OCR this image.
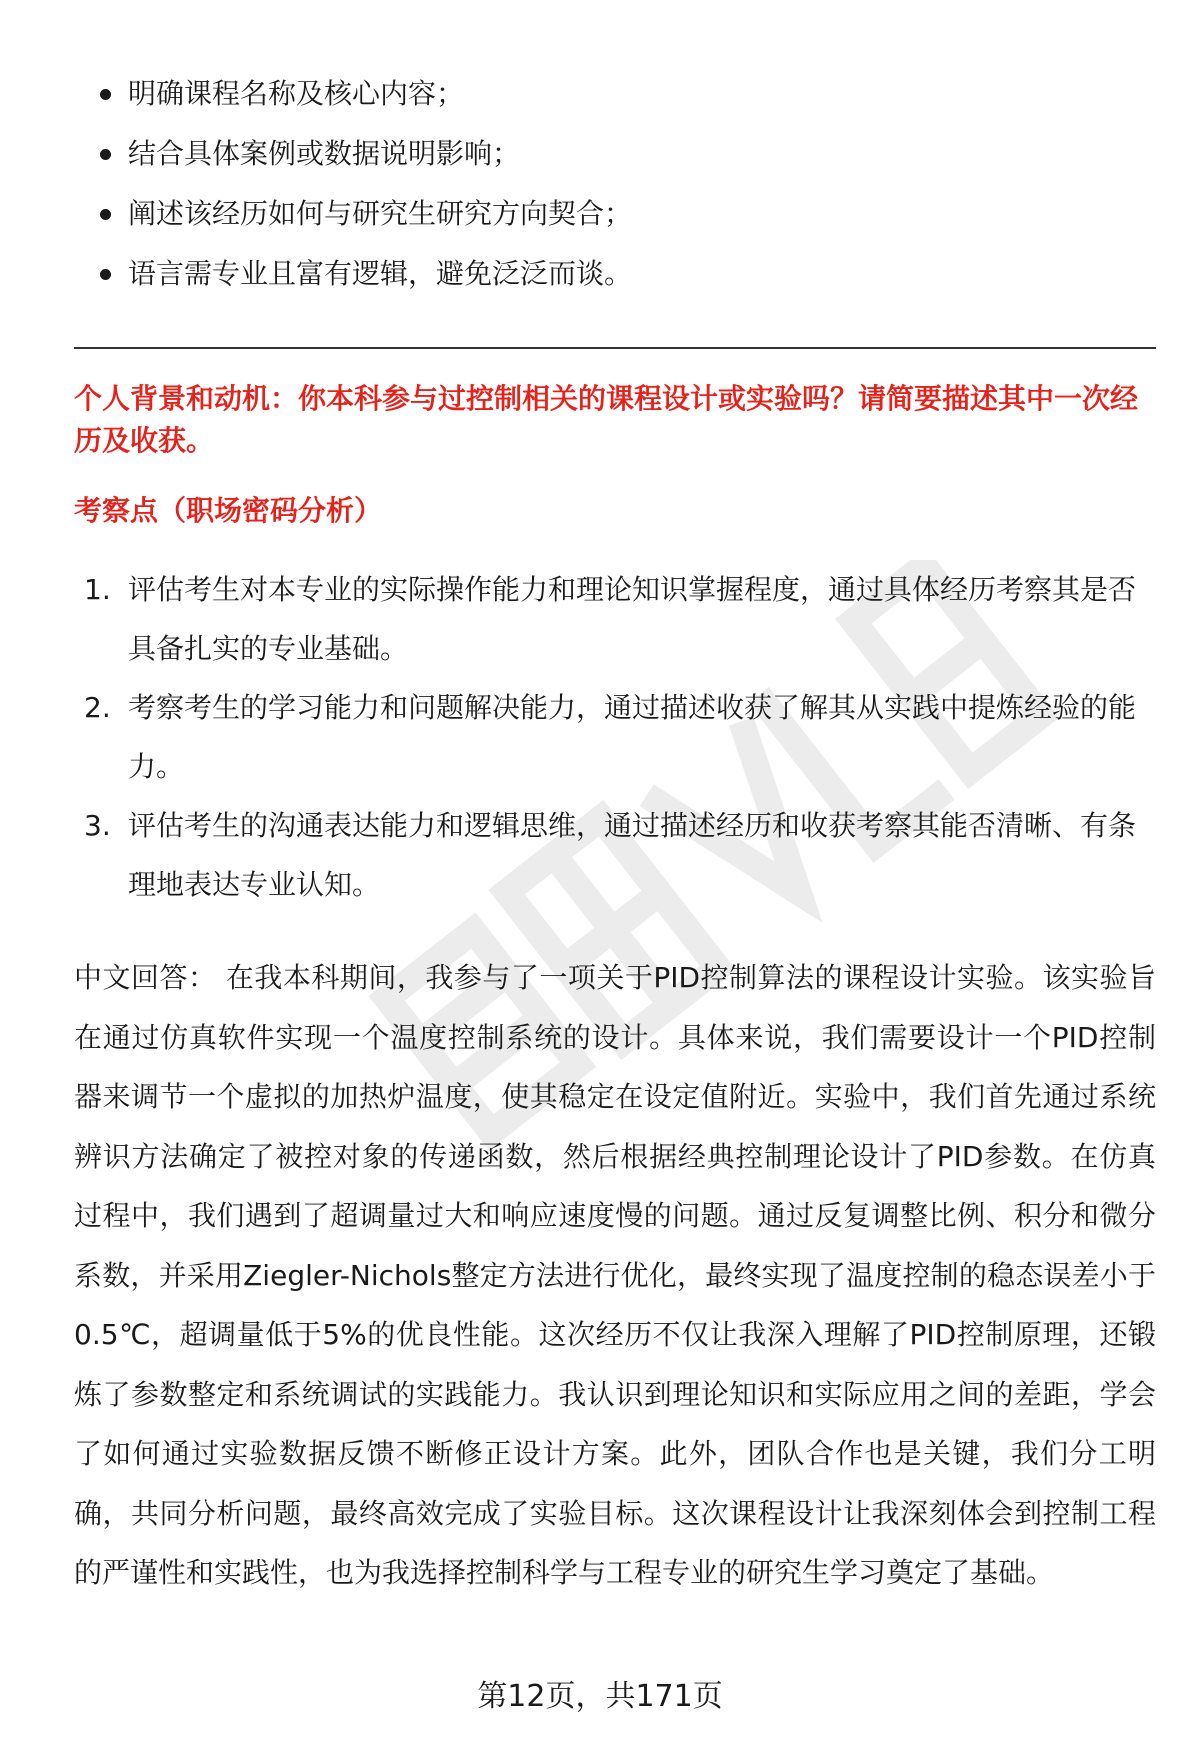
明确课程名称及核心内容；
结合具体案例或数据说明影响；
阐述该经历如何与研究生研究方向契合；
语言需专业且富有逻辑，避免泛泛而谈。
个人背景和动机：你本科参与过控制相关的课程设计或实验吗？请简要描述其中一次经历及收获。
考察点（职场密码分析）
1. 评估考生对本专业的实际操作能力和理论知识掌握程度，通过具体经历考察其是否具备扎实的专业基础。
2. 考察考生的学习能力和问题解决能力，通过描述收获了解其从实践中提炼经验的能力。
3. 评估考生的沟通表达能力和逻辑思维，通过描述经历和收获考察其能否清晰、有条理地表达专业认知。
中文回答： 在我本科期间，我参与了一项关于PID控制算法的课程设计实验。该实验旨在通过仿真软件实现一个温度控制系统的设计。具体来说，我们需要设计一个PID控制器来调节一个虚拟的加热炉温度，使其稳定在设定值附近。实验中，我们首先通过系统辨识方法确定了被控对象的传递函数，然后根据经典控制理论设计了PID参数。在仿真过程中，我们遇到了超调量过大和响应速度慢的问题。通过反复调整比例、积分和微分系数，并采用Ziegler-Nichols整定方法进行优化，最终实现了温度控制的稳态误差小于0.5℃，超调量低于5%的优良性能。这次经历不仅让我深入理解了PID控制原理，还锻炼了参数整定和系统调试的实践能力。我认识到理论知识和实际应用之间的差距，学会了如何通过实验数据反馈不断修正设计方案。此外，团队合作也是关键，我们分工明确，共同分析问题，最终高效完成了实验目标。这次课程设计让我深刻体会到控制工程的严谨性和实践性，也为我选择控制科学与工程专业的研究生学习奠定了基础。
第12页，共171页
